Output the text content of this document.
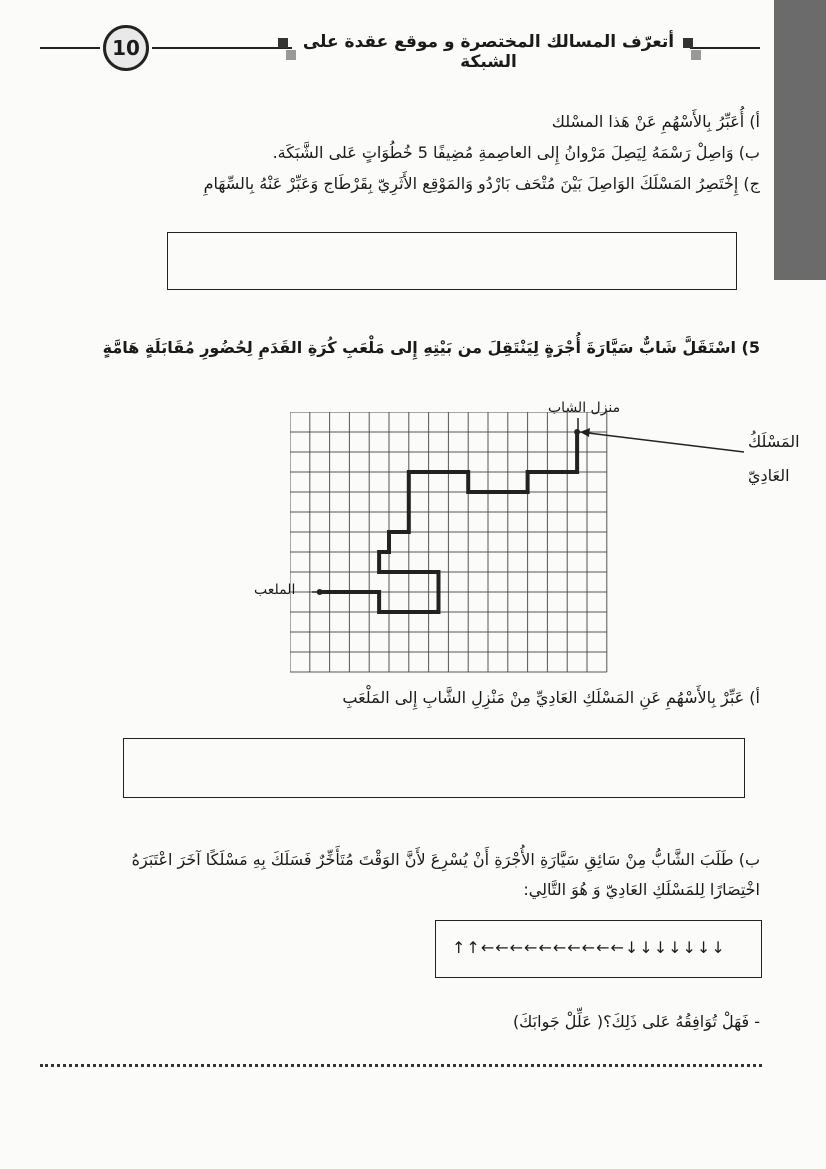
10	أتعرّف المسالك المختصرة و موقع عقدة على الشبكة
أ) أُعَبِّرُ بِالأَسْهُمِ عَنْ هَذا المسْلك
ب) وَاصِلْ رَسْمَهُ لِيَصِلَ مَرْوانُ إِلى العاصِمةِ مُضِيفًا 5 خُطُوَاتٍ عَلى الشَّبَكَة.
ج) إِخْتَصِرُ المَسْلَكَ الوَاصِلَ بَيْنَ مُتْحَف بَارْدُو وَالمَوْقِع الأَثَرِيّ بِقَرْطَاج وَعَبِّرْ عَنْهُ بِالسِّهَامِ
5) اسْتَقَلَّ شَابٌّ سَيَّارَةَ أُجْرَةٍ لِيَنْتَقِلَ من بَيْتِهِ إِلى مَلْعَبِ كُرَةِ القَدَمِ لِحُضُورِ مُقَابَلَةٍ هَامَّةٍ
منزل الشاب
المَسْلَكُ
العَادِيّ
الملعب
أ) عَبِّرْ بِالأَسْهُمِ عَنِ المَسْلَكِ العَادِيِّ مِنْ مَنْزِلِ الشَّابِ إِلى المَلْعَبِ
ب) طَلَبَ الشَّابُّ مِنْ سَائِقِ سَيَّارَةِ الأُجْرَةِ أَنْ يُسْرِعَ لأَنَّ الوَقْتَ مُتَأَخِّرٌ فَسَلَكَ بِهِ مَسْلَكًا آخَرَ اعْتَبَرَهُ
اخْتِصَارًا لِلمَسْلَكِ العَادِيّ وَ هُوَ التَّالِي:
↑↑←←←←←←←←←←↓↓↓↓↓↓↓
- فَهَلْ تُوَافِقُهُ عَلى ذَلِكَ؟( عَلِّلْ جَوابَكَ)
